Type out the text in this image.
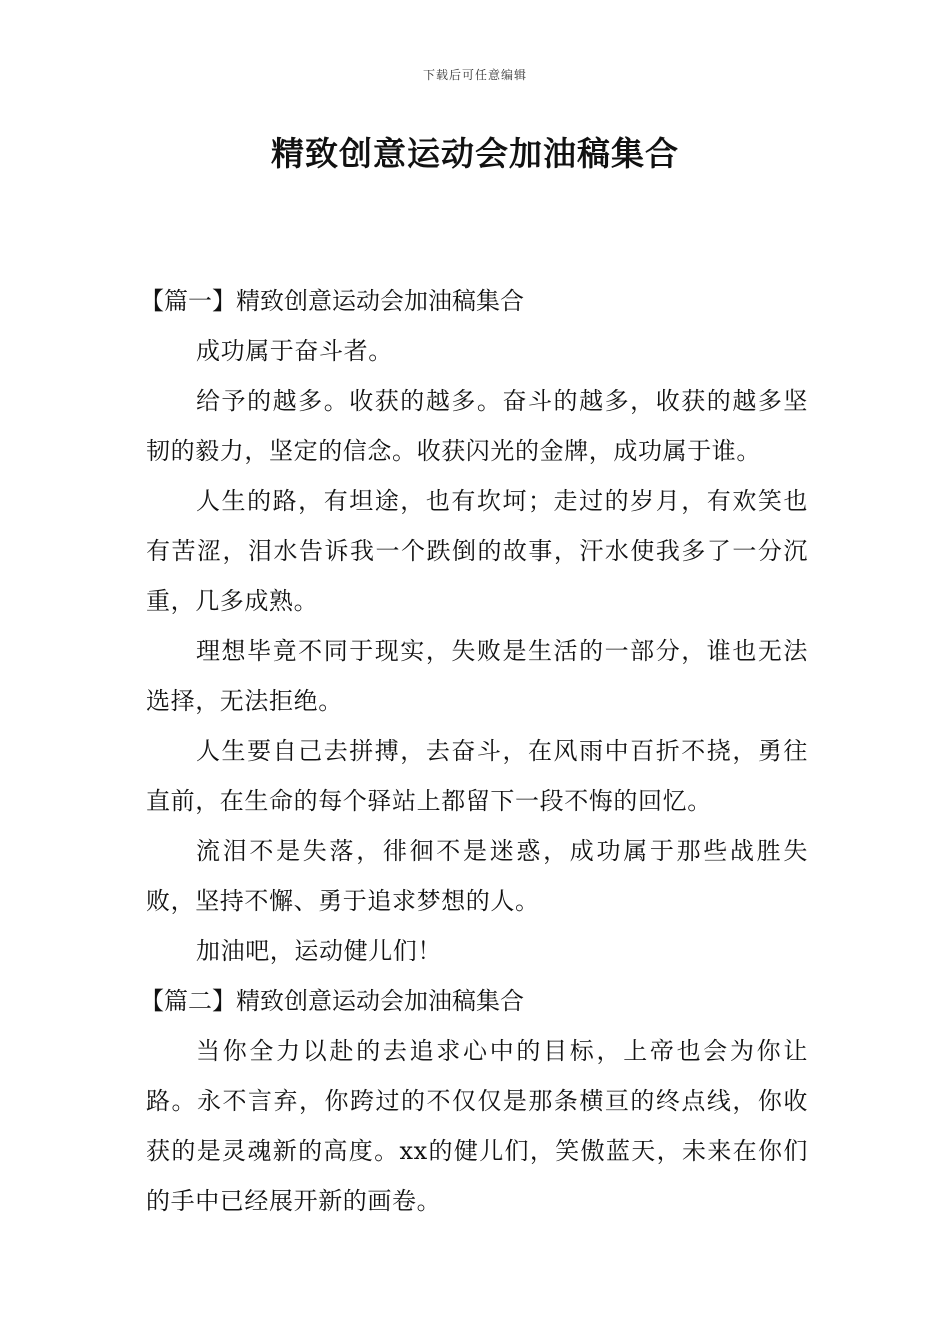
下载后可任意编辑
精致创意运动会加油稿集合
【篇一】精致创意运动会加油稿集合

成功属于奋斗者。

给予的越多。收获的越多。奋斗的越多，收获的越多坚韧的毅力，坚定的信念。收获闪光的金牌，成功属于谁。

人生的路，有坦途，也有坎坷；走过的岁月，有欢笑也有苦涩，泪水告诉我一个跌倒的故事，汗水使我多了一分沉重，几多成熟。

理想毕竟不同于现实，失败是生活的一部分，谁也无法选择，无法拒绝。

人生要自己去拼搏，去奋斗，在风雨中百折不挠，勇往直前，在生命的每个驿站上都留下一段不悔的回忆。

流泪不是失落，徘徊不是迷惑，成功属于那些战胜失败，坚持不懈、勇于追求梦想的人。

加油吧，运动健儿们！

【篇二】精致创意运动会加油稿集合

当你全力以赴的去追求心中的目标，上帝也会为你让路。永不言弃，你跨过的不仅仅是那条横亘的终点线，你收获的是灵魂新的高度。xx的健儿们，笑傲蓝天，未来在你们的手中已经展开新的画卷。
